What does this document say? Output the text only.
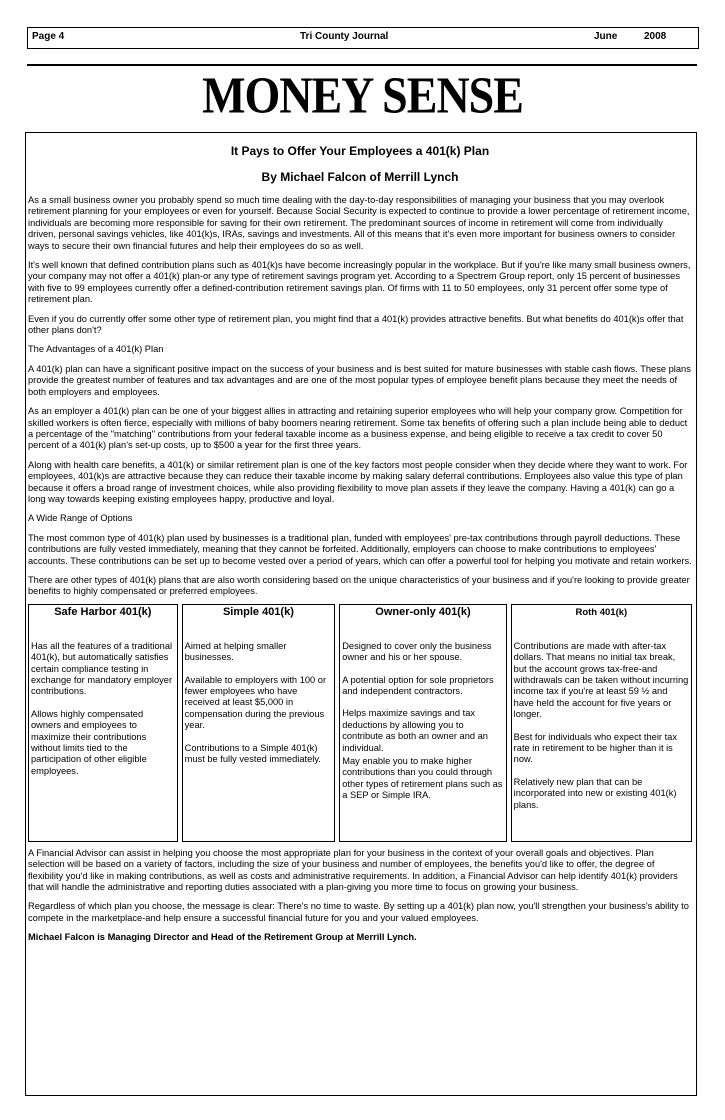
Page 4	Tri County Journal	June	2008
MONEY SENSE
It Pays to Offer Your Employees a 401(k) Plan
By Michael Falcon of Merrill Lynch

As a small business owner you probably spend so much time dealing with the day-to-day responsibilities of managing your business that you may overlook retirement planning for your employees or even for yourself. Because Social Security is expected to continue to provide a lower percentage of retirement income, individuals are becoming more responsible for saving for their own retirement. The predominant sources of income in retirement will come from individually driven, personal savings vehicles, like 401(k)s, IRAs, savings and investments. All of this means that it's even more important for business owners to consider ways to secure their own financial futures and help their employees do so as well.

It's well known that defined contribution plans such as 401(k)s have become increasingly popular in the workplace. But if you're like many small business owners, your company may not offer a 401(k) plan-or any type of retirement savings program yet. According to a Spectrem Group report, only 15 percent of businesses with five to 99 employees currently offer a defined-contribution retirement savings plan. Of firms with 11 to 50 employees, only 31 percent offer some type of retirement plan.

Even if you do currently offer some other type of retirement plan, you might find that a 401(k) provides attractive benefits. But what benefits do 401(k)s offer that other plans don't?

The Advantages of a 401(k) Plan

A 401(k) plan can have a significant positive impact on the success of your business and is best suited for mature businesses with stable cash flows. These plans provide the greatest number of features and tax advantages and are one of the most popular types of employee benefit plans because they meet the needs of both employers and employees.

As an employer a 401(k) plan can be one of your biggest allies in attracting and retaining superior employees who will help your company grow. Competition for skilled workers is often fierce, especially with millions of baby boomers nearing retirement. Some tax benefits of offering such a plan include being able to deduct a percentage of the "matching" contributions from your federal taxable income as a business expense, and being eligible to receive a tax credit to cover 50 percent of a 401(k) plan's set-up costs, up to $500 a year for the first three years.

Along with health care benefits, a 401(k) or similar retirement plan is one of the key factors most people consider when they decide where they want to work. For employees, 401(k)s are attractive because they can reduce their taxable income by making salary deferral contributions. Employees also value this type of plan because it offers a broad range of investment choices, while also providing flexibility to move plan assets if they leave the company. Having a 401(k) can go a long way towards keeping existing employees happy, productive and loyal.

A Wide Range of Options

The most common type of 401(k) plan used by businesses is a traditional plan, funded with employees' pre-tax contributions through payroll deductions. These contributions are fully vested immediately, meaning that they cannot be forfeited. Additionally, employers can choose to make contributions to employees' accounts. These contributions can be set up to become vested over a period of years, which can offer a powerful tool for helping you motivate and retain workers.

There are other types of 401(k) plans that are also worth considering based on the unique characteristics of your business and if you're looking to provide greater benefits to highly compensated or preferred employees.

Safe Harbor 401(k)

Has all the features of a traditional 401(k), but automatically satisfies certain compliance testing in exchange for mandatory employer contributions.

Allows highly compensated owners and employees to maximize their contributions without limits tied to the participation of other eligible employees.

Simple 401(k)

Aimed at helping smaller businesses.

Available to employers with 100 or fewer employees who have received at least $5,000 in compensation during the previous year.

Contributions to a Simple 401(k) must be fully vested immediately.

Owner-only 401(k)

Designed to cover only the business owner and his or her spouse.

A potential option for sole proprietors and independent contractors.

Helps maximize savings and tax deductions by allowing you to contribute as both an owner and an individual.

May enable you to make higher contributions than you could through other types of retirement plans such as a SEP or Simple IRA.

Roth 401(k)

Contributions are made with after-tax dollars. That means no initial tax break, but the account grows tax-free-and withdrawals can be taken without incurring income tax if you're at least 59 ½ and have held the account for five years or longer.

Best for individuals who expect their tax rate in retirement to be higher than it is now.

Relatively new plan that can be incorporated into new or existing 401(k) plans.

A Financial Advisor can assist in helping you choose the most appropriate plan for your business in the context of your overall goals and objectives. Plan selection will be based on a variety of factors, including the size of your business and number of employees, the benefits you'd like to offer, the degree of flexibility you'd like in making contributions, as well as costs and administrative requirements. In addition, a Financial Advisor can help identify 401(k) providers that will handle the administrative and reporting duties associated with a plan-giving you more time to focus on growing your business.

Regardless of which plan you choose, the message is clear: There's no time to waste. By setting up a 401(k) plan now, you'll strengthen your business's ability to compete in the marketplace-and help ensure a successful financial future for you and your valued employees.

Michael Falcon is Managing Director and Head of the Retirement Group at Merrill Lynch.
